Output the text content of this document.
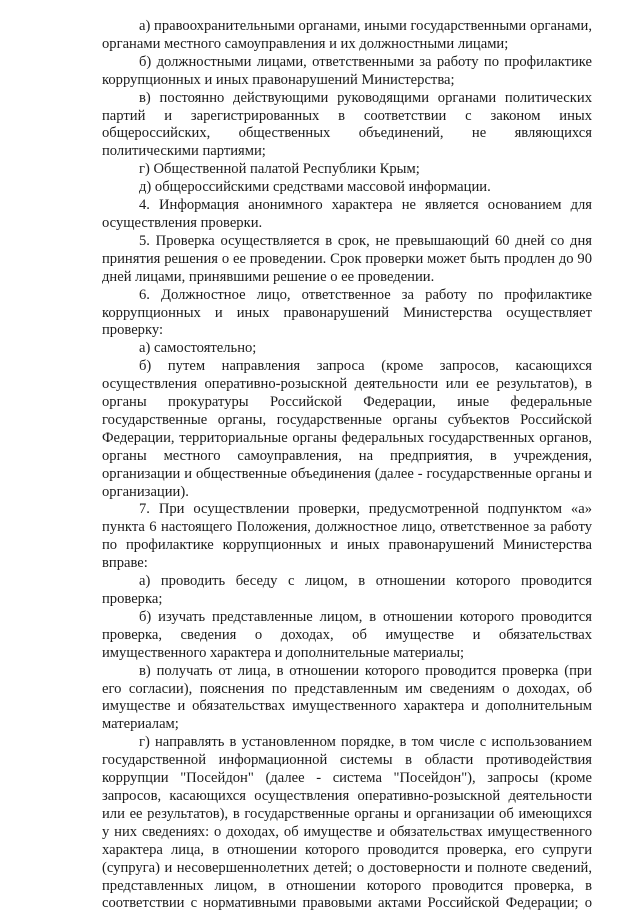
а) правоохранительными органами, иными государственными органами, органами местного самоуправления и их должностными лицами;

б) должностными лицами, ответственными за работу по профилактике коррупционных и иных правонарушений Министерства;

в) постоянно действующими руководящими органами политических партий и зарегистрированных в соответствии с законом иных общероссийских, общественных объединений, не являющихся политическими партиями;

г) Общественной палатой Республики Крым;

д) общероссийскими средствами массовой информации.

4. Информация анонимного характера не является основанием для осуществления проверки.

5. Проверка осуществляется в срок, не превышающий 60 дней со дня принятия решения о ее проведении. Срок проверки может быть продлен до 90 дней лицами, принявшими решение о ее проведении.

6. Должностное лицо, ответственное за работу по профилактике коррупционных и иных правонарушений Министерства осуществляет проверку:

а) самостоятельно;

б) путем направления запроса (кроме запросов, касающихся осуществления оперативно-розыскной деятельности или ее результатов), в органы прокуратуры Российской Федерации, иные федеральные государственные органы, государственные органы субъектов Российской Федерации, территориальные органы федеральных государственных органов, органы местного самоуправления, на предприятия, в учреждения, организации и общественные объединения (далее - государственные органы и организации).

7. При осуществлении проверки, предусмотренной подпунктом «а» пункта 6 настоящего Положения, должностное лицо, ответственное за работу по профилактике коррупционных и иных правонарушений Министерства вправе:

а) проводить беседу с лицом, в отношении которого проводится проверка;

б) изучать представленные лицом, в отношении которого проводится проверка, сведения о доходах, об имуществе и обязательствах имущественного характера и дополнительные материалы;

в) получать от лица, в отношении которого проводится проверка (при его согласии), пояснения по представленным им сведениям о доходах, об имуществе и обязательствах имущественного характера и дополнительным материалам;

г) направлять в установленном порядке, в том числе с использованием государственной информационной системы в области противодействия коррупции "Посейдон" (далее - система "Посейдон"), запросы (кроме запросов, касающихся осуществления оперативно-розыскной деятельности или ее результатов), в государственные органы и организации об имеющихся у них сведениях: о доходах, об имуществе и обязательствах имущественного характера лица, в отношении которого проводится проверка, его супруги (супруга) и несовершеннолетних детей; о достоверности и полноте сведений, представленных лицом, в отношении которого проводится проверка, в соответствии с нормативными правовыми актами Российской Федерации; о
